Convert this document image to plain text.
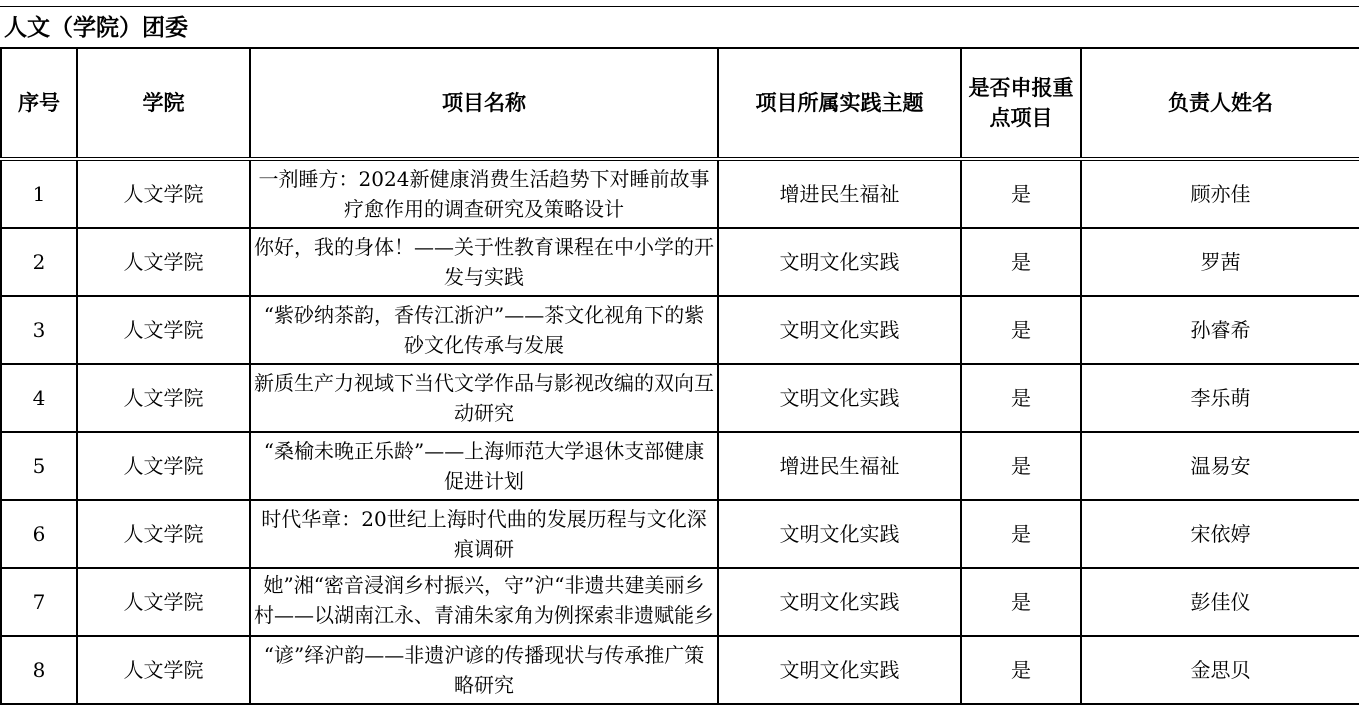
人文（学院）团委
序号	学院	项目名称	项目所属实践主题	是否申报重点项目	负责人姓名
1	人文学院	一剂睡方：2024新健康消费生活趋势下对睡前故事疗愈作用的调查研究及策略设计	增进民生福祉	是	顾亦佳
2	人文学院	你好，我的身体！——关于性教育课程在中小学的开发与实践	文明文化实践	是	罗茜
3	人文学院	“紫砂纳茶韵，香传江浙沪”——茶文化视角下的紫砂文化传承与发展	文明文化实践	是	孙睿希
4	人文学院	新质生产力视域下当代文学作品与影视改编的双向互动研究	文明文化实践	是	李乐萌
5	人文学院	“桑榆未晚正乐龄”——上海师范大学退休支部健康促进计划	增进民生福祉	是	温易安
6	人文学院	时代华章：20世纪上海时代曲的发展历程与文化深痕调研	文明文化实践	是	宋依婷
7	人文学院	她”湘“密音浸润乡村振兴，守”沪“非遗共建美丽乡村——以湖南江永、青浦朱家角为例探索非遗赋能乡	文明文化实践	是	彭佳仪
8	人文学院	“谚”绎沪韵——非遗沪谚的传播现状与传承推广策略研究	文明文化实践	是	金思贝
